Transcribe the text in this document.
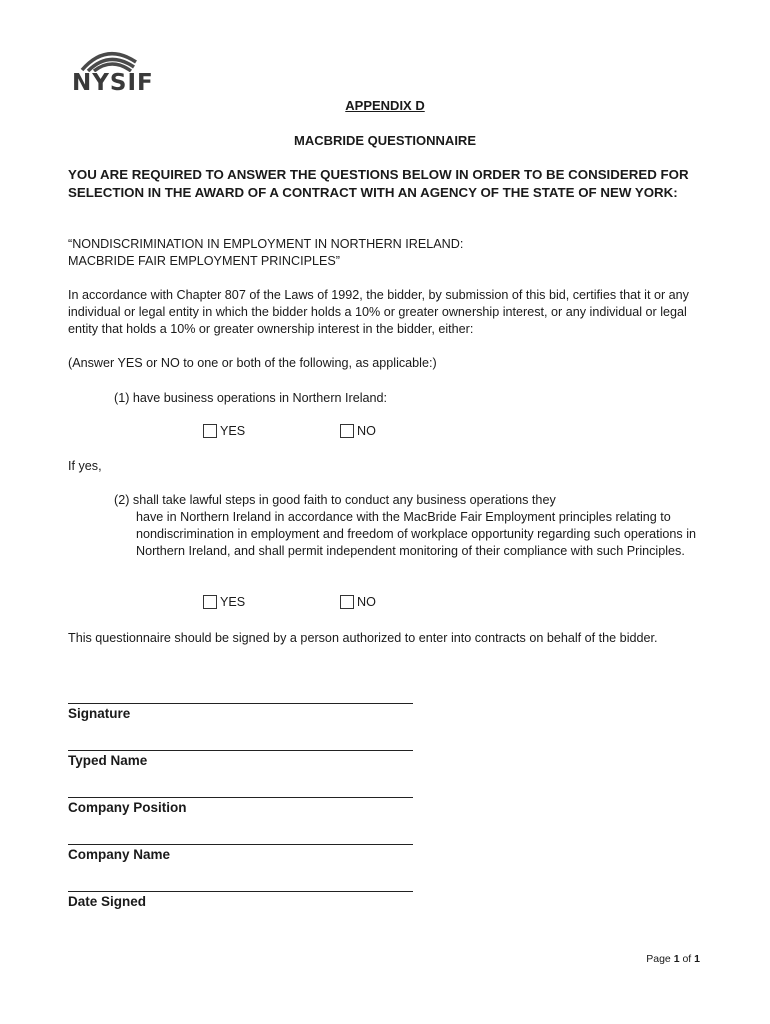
NYSIF
APPENDIX D
MACBRIDE QUESTIONNAIRE
YOU ARE REQUIRED TO ANSWER THE QUESTIONS BELOW IN ORDER TO BE CONSIDERED FOR SELECTION IN THE AWARD OF A CONTRACT WITH AN AGENCY OF THE STATE OF NEW YORK:
“NONDISCRIMINATION IN EMPLOYMENT IN NORTHERN IRELAND:
MACBRIDE FAIR EMPLOYMENT PRINCIPLES”
In accordance with Chapter 807 of the Laws of 1992, the bidder, by submission of this bid, certifies that it or any individual or legal entity in which the bidder holds a 10% or greater ownership interest, or any individual or legal entity that holds a 10% or greater ownership interest in the bidder, either:
(Answer YES or NO to one or both of the following, as applicable:)
(1) have business operations in Northern Ireland:
YES	NO
If yes,
(2) shall take lawful steps in good faith to conduct any business operations they
have in Northern Ireland in accordance with the MacBride Fair Employment principles relating to nondiscrimination in employment and freedom of workplace opportunity regarding such operations in Northern Ireland, and shall permit independent monitoring of their compliance with such Principles.
YES	NO
This questionnaire should be signed by a person authorized to enter into contracts on behalf of the bidder.
Signature
Typed Name
Company Position
Company Name
Date Signed
Page 1 of 1
